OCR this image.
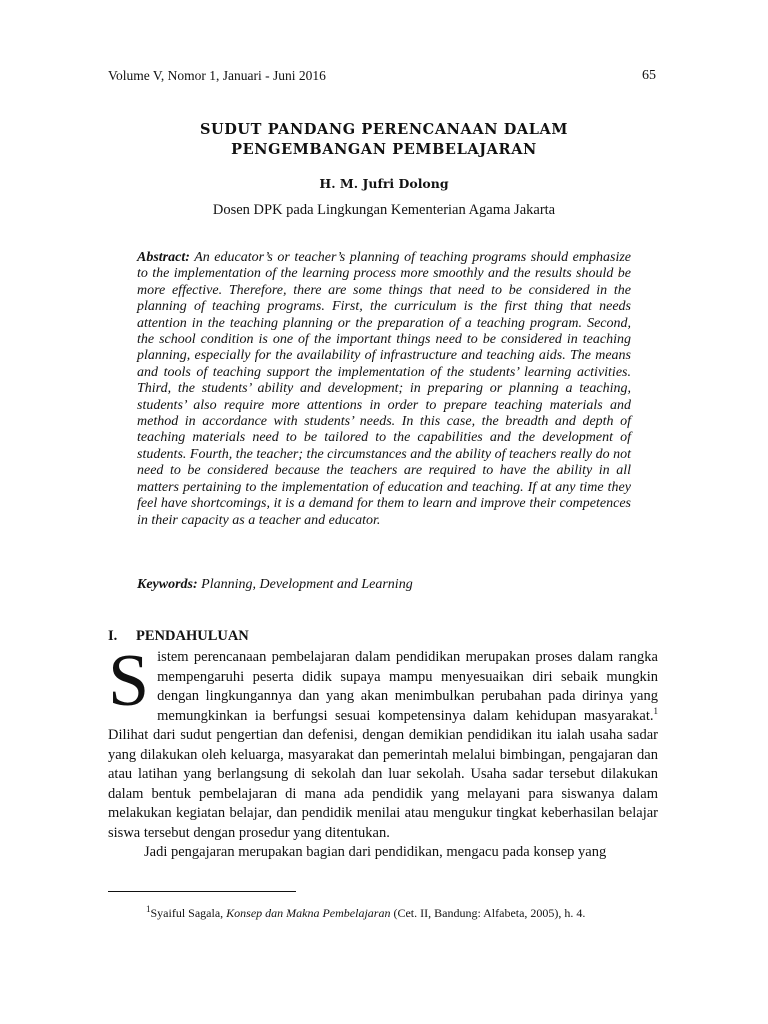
Volume V, Nomor 1, Januari - Juni 2016	65
SUDUT PANDANG PERENCANAAN DALAM
PENGEMBANGAN PEMBELAJARAN
H. M. Jufri Dolong
Dosen DPK pada Lingkungan Kementerian Agama Jakarta
Abstract: An educator’s or teacher’s planning of teaching programs should emphasize to the implementation of the learning process more smoothly and the results should be more effective. Therefore, there are some things that need to be considered in the planning of teaching programs. First, the curriculum is the first thing that needs attention in the teaching planning or the preparation of a teaching program. Second, the school condition is one of the important things need to be considered in teaching planning, especially for the availability of infrastructure and teaching aids. The means and tools of teaching support the implementation of the students’ learning activities. Third, the students’ ability and development; in preparing or planning a teaching, students’ also require more attentions in order to prepare teaching materials and method in accordance with students’ needs. In this case, the breadth and depth of teaching materials need to be tailored to the capabilities and the development of students. Fourth, the teacher; the circumstances and the ability of teachers really do not need to be considered because the teachers are required to have the ability in all matters pertaining to the implementation of education and teaching. If at any time they feel have shortcomings, it is a demand for them to learn and improve their competences in their capacity as a teacher and educator.
Keywords: Planning, Development and Learning
I. PENDAHULUAN

Sistem perencanaan pembelajaran dalam pendidikan merupakan proses dalam rangka mempengaruhi peserta didik supaya mampu menyesuaikan diri sebaik mungkin dengan lingkungannya dan yang akan menimbulkan perubahan pada dirinya yang memungkinkan ia berfungsi sesuai kompetensinya dalam kehidupan masyarakat.$^1$ Dilihat dari sudut pengertian dan defenisi, dengan demikian pendidikan itu ialah usaha sadar yang dilakukan oleh keluarga, masyarakat dan pemerintah melalui bimbingan, pengajaran dan atau latihan yang berlangsung di sekolah dan luar sekolah. Usaha sadar tersebut dilakukan dalam bentuk pembelajaran di mana ada pendidik yang melayani para siswanya dalam melakukan kegiatan belajar, dan pendidik menilai atau mengukur tingkat keberhasilan belajar siswa tersebut dengan prosedur yang ditentukan.

Jadi pengajaran merupakan bagian dari pendidikan, mengacu pada konsep yang

$^1$Syaiful Sagala, Konsep dan Makna Pembelajaran (Cet. II, Bandung: Alfabeta, 2005), h. 4.
